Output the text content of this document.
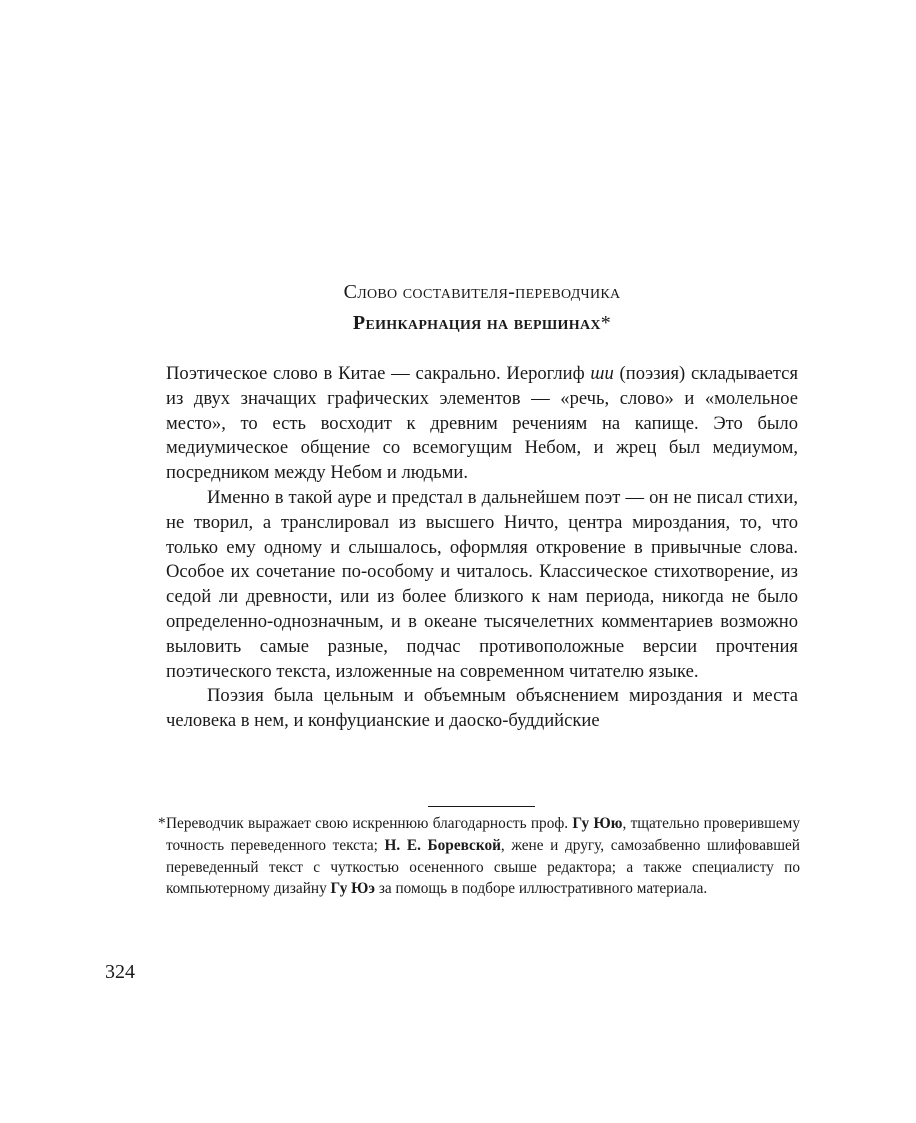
Слово составителя-переводчика
Реинкарнация на вершинах*

Поэтическое слово в Китае — сакрально. Иероглиф ши (поэзия) складывается из двух значащих графических элементов — «речь, слово» и «молельное место», то есть восходит к древним речениям на капище. Это было медиумическое общение со всемогущим Небом, и жрец был медиумом, посредником между Небом и людьми.

Именно в такой ауре и предстал в дальнейшем поэт — он не писал стихи, не творил, а транслировал из высшего Ничто, центра мироздания, то, что только ему одному и слышалось, оформляя откровение в привычные слова. Особое их сочетание по-особому и читалось. Классическое стихотворение, из седой ли древности, или из более близкого к нам периода, никогда не было определенно-однозначным, и в океане тысячелетних комментариев возможно выловить самые разные, подчас противоположные версии прочтения поэтического текста, изложенные на современном читателю языке.

Поэзия была цельным и объемным объяснением мироздания и места человека в нем, и конфуцианские и даоско-буддийские

* Переводчик выражает свою искреннюю благодарность проф. Гу Юю, тщательно проверившему точность переведенного текста; Н. Е. Боревской, жене и другу, самозабвенно шлифовавшей переведенный текст с чуткостью осененного свыше редактора; а также специалисту по компьютерному дизайну Гу Юэ за помощь в подборе иллюстративного материала.
324
